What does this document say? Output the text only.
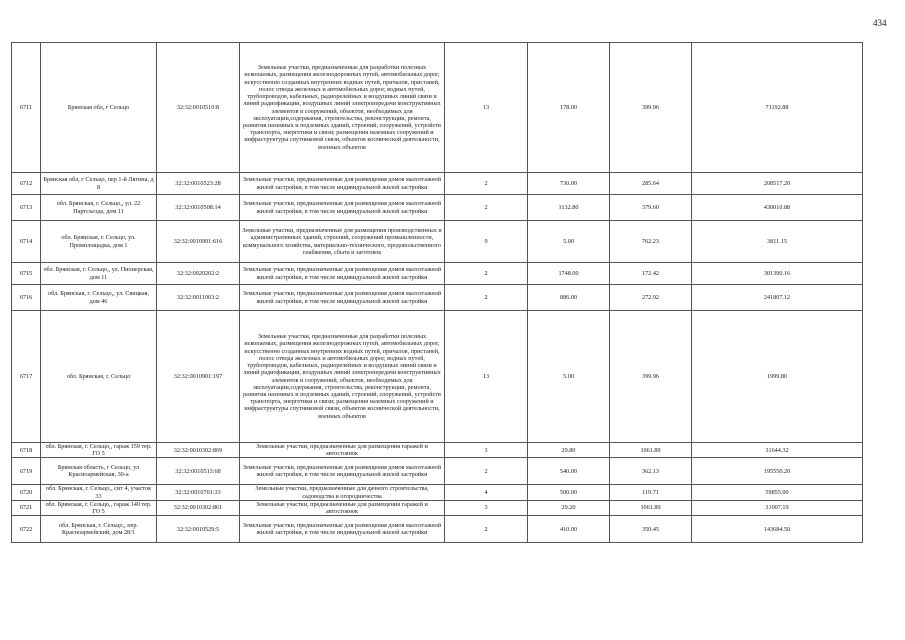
434
6711	Брянская обл, г Сельцо	32:32:0010510:8	Земельные участки, предназначенные для разработки полезных ископаемых, размещения железнодорожных путей, автомобильных дорог, искусственно созданных внутренних водных путей, причалов, пристаней, полос отвода железных и автомобильных дорог, водных путей, трубопроводов, кабельных, радиорелейных и воздушных линий связи и линий радиофикации, воздушных линий электропередачи конструктивных элементов и сооружений, объектов, необходимых для эксплуатации,содержания, строительства, реконструкции, ремонта, развития наземных и подземных зданий, строений, сооружений, устройств транспорта, энергетики и связи; размещения наземных сооружений и инфраструктуры спутниковой связи, объектов космической деятельности, военных объектов	13	178.00	399.96	71192.88
6712	Брянская обл, г Сельцо, пер 1-й Лягина, д 8	32:32:0010523:28	Земельные участки, предназначенные для размещения домов малоэтажной жилой застройки, в том числе индивидуальной жилой застройки	2	730.00	285.64	208517.20
6713	обл. Брянская, г. Сельцо,, ул. 22 Партсъезда, дом 11	32:32:0010508:14	Земельные участки, предназначенные для размещения домов малоэтажной жилой застройки, в том числе индивидуальной жилой застройки	2	1132.80	379.60	430010.88
6714	обл. Брянская, г. Сельцо, ул. Промплощадка, дом 1	32:32:0010901:616	Земельные участки, предназначенные для размещения производственных и административных зданий, строений, сооружений промышленности, коммунального хозяйства, материально-технического, продовольственного снабжения, сбыта и заготовок	9	5.00	762.23	3811.15
6715	обл. Брянская, г. Сельцо,, ул. Пионерская, дом 11	32:32:0020202:2	Земельные участки, предназначенные для размещения домов малоэтажной жилой застройки, в том числе индивидуальной жилой застройки	2	1748.00	172.42	301390.16
6716	обл. Брянская, г. Сельцо,, ул. Свицкая, дом 46	32:32:0011003:2	Земельные участки, предназначенные для размещения домов малоэтажной жилой застройки, в том числе индивидуальной жилой застройки	2	886.00	272.92	241807.12
6717	обл. Брянская, г. Сельцо	32:32:0010901:197	Земельные участки, предназначенные для разработки полезных ископаемых, размещения железнодорожных путей, автомобильных дорог, искусственно созданных внутренних водных путей, причалов, пристаней, полос отвода железных и автомобильных дорог, водных путей, трубопроводов, кабельных, радиорелейных и воздушных линий связи и линий радиофикации, воздушных линий электропередачи конструктивных элементов и сооружений, объектов, необходимых для эксплуатации,содержания, строительства, реконструкции, ремонта, развития наземных и подземных зданий, строений, сооружений, устройств транспорта, энергетики и связи; размещения наземных сооружений и инфраструктуры спутниковой связи, объектов космической деятельности, военных объектов	13	5.00	399.96	1999.80
6718	обл. Брянская, г. Сельцо,, гараж 159 тер. ГО 5	32:32:0010302:869	Земельные участки, предназначенные для размещения гаражей и автостоянок	3	29.80	1061.89	31644.32
6719	Брянская область, г Сельцо, ул Красноармейская, 30-а	32:32:0010513:68	Земельные участки, предназначенные для размещения домов малоэтажной жилой застройки, в том числе индивидуальной жилой застройки	2	540.00	362.13	195550.20
6720	обл. Брянская, г. Сельцо,, снт 4, участок 33	32:32:0010701:33	Земельные участки, предназначенные для дачного строительства, садоводства и огородничества	4	500.00	119.71	59855.00
6721	обл. Брянская, г. Сельцо,, гараж 140 тер. ГО 5	32:32:0010302:861	Земельные участки, предназначенные для размещения гаражей и автостоянок	3	29.20	1061.89	31007.19
6722	обл. Брянская, г. Сельцо,, пер. Красноармейский, дом 28/1	32:32:0010529:5	Земельные участки, предназначенные для размещения домов малоэтажной жилой застройки, в том числе индивидуальной жилой застройки	2	410.00	350.45	143684.50
